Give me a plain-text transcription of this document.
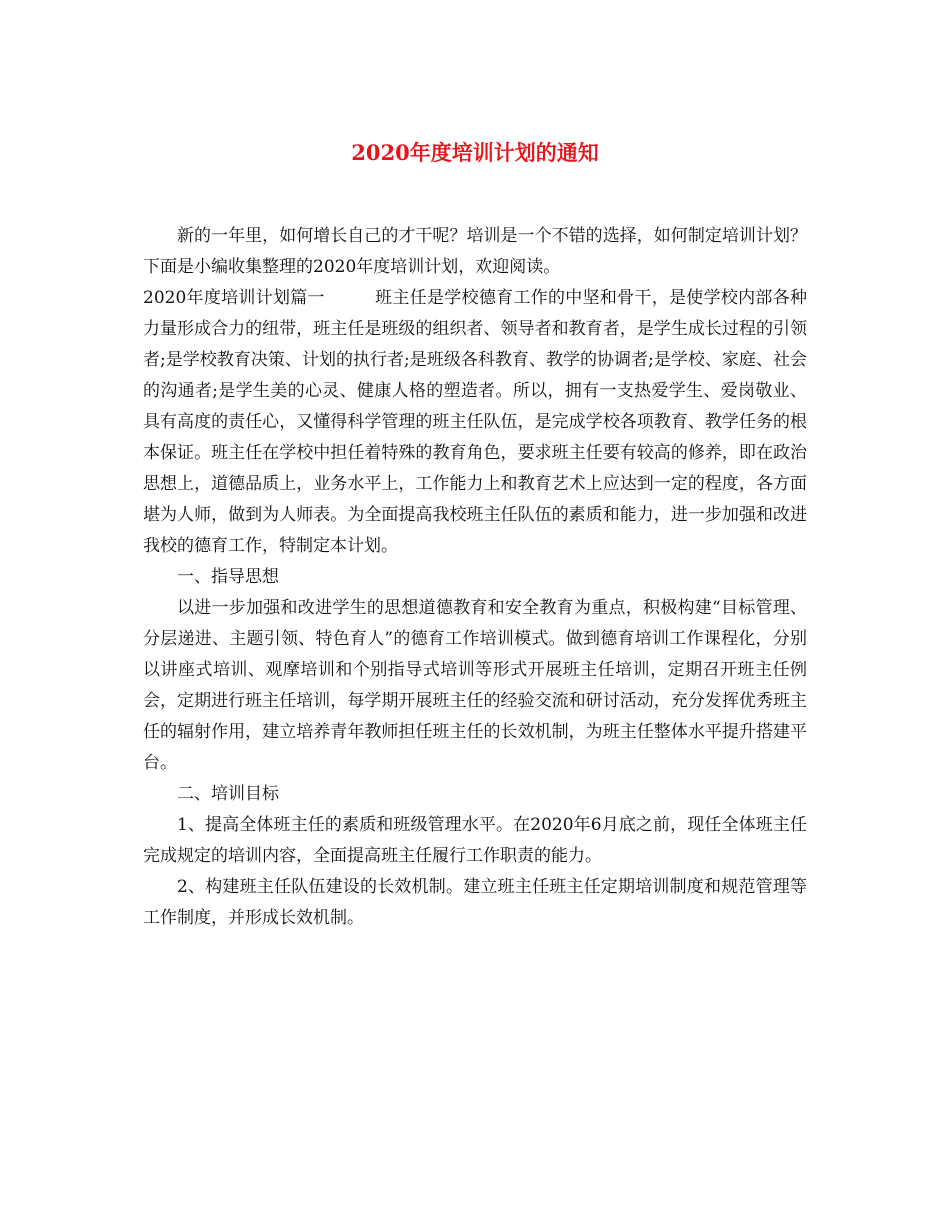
2020年度培训计划的通知

新的一年里，如何增长自己的才干呢？培训是一个不错的选择，如何制定培训计划？下面是小编收集整理的2020年度培训计划，欢迎阅读。

2020年度培训计划篇一	班主任是学校德育工作的中坚和骨干，是使学校内部各种力量形成合力的纽带，班主任是班级的组织者、领导者和教育者，是学生成长过程的引领者;是学校教育决策、计划的执行者;是班级各科教育、教学的协调者;是学校、家庭、社会的沟通者;是学生美的心灵、健康人格的塑造者。所以，拥有一支热爱学生、爱岗敬业、具有高度的责任心，又懂得科学管理的班主任队伍，是完成学校各项教育、教学任务的根本保证。班主任在学校中担任着特殊的教育角色，要求班主任要有较高的修养，即在政治思想上，道德品质上，业务水平上，工作能力上和教育艺术上应达到一定的程度，各方面堪为人师，做到为人师表。为全面提高我校班主任队伍的素质和能力，进一步加强和改进我校的德育工作，特制定本计划。

一、指导思想

以进一步加强和改进学生的思想道德教育和安全教育为重点，积极构建“目标管理、分层递进、主题引领、特色育人”的德育工作培训模式。做到德育培训工作课程化，分别以讲座式培训、观摩培训和个别指导式培训等形式开展班主任培训，定期召开班主任例会，定期进行班主任培训，每学期开展班主任的经验交流和研讨活动，充分发挥优秀班主任的辐射作用，建立培养青年教师担任班主任的长效机制，为班主任整体水平提升搭建平台。

二、培训目标

1、提高全体班主任的素质和班级管理水平。在2020年6月底之前，现任全体班主任完成规定的培训内容，全面提高班主任履行工作职责的能力。

2、构建班主任队伍建设的长效机制。建立班主任班主任定期培训制度和规范管理等工作制度，并形成长效机制。
